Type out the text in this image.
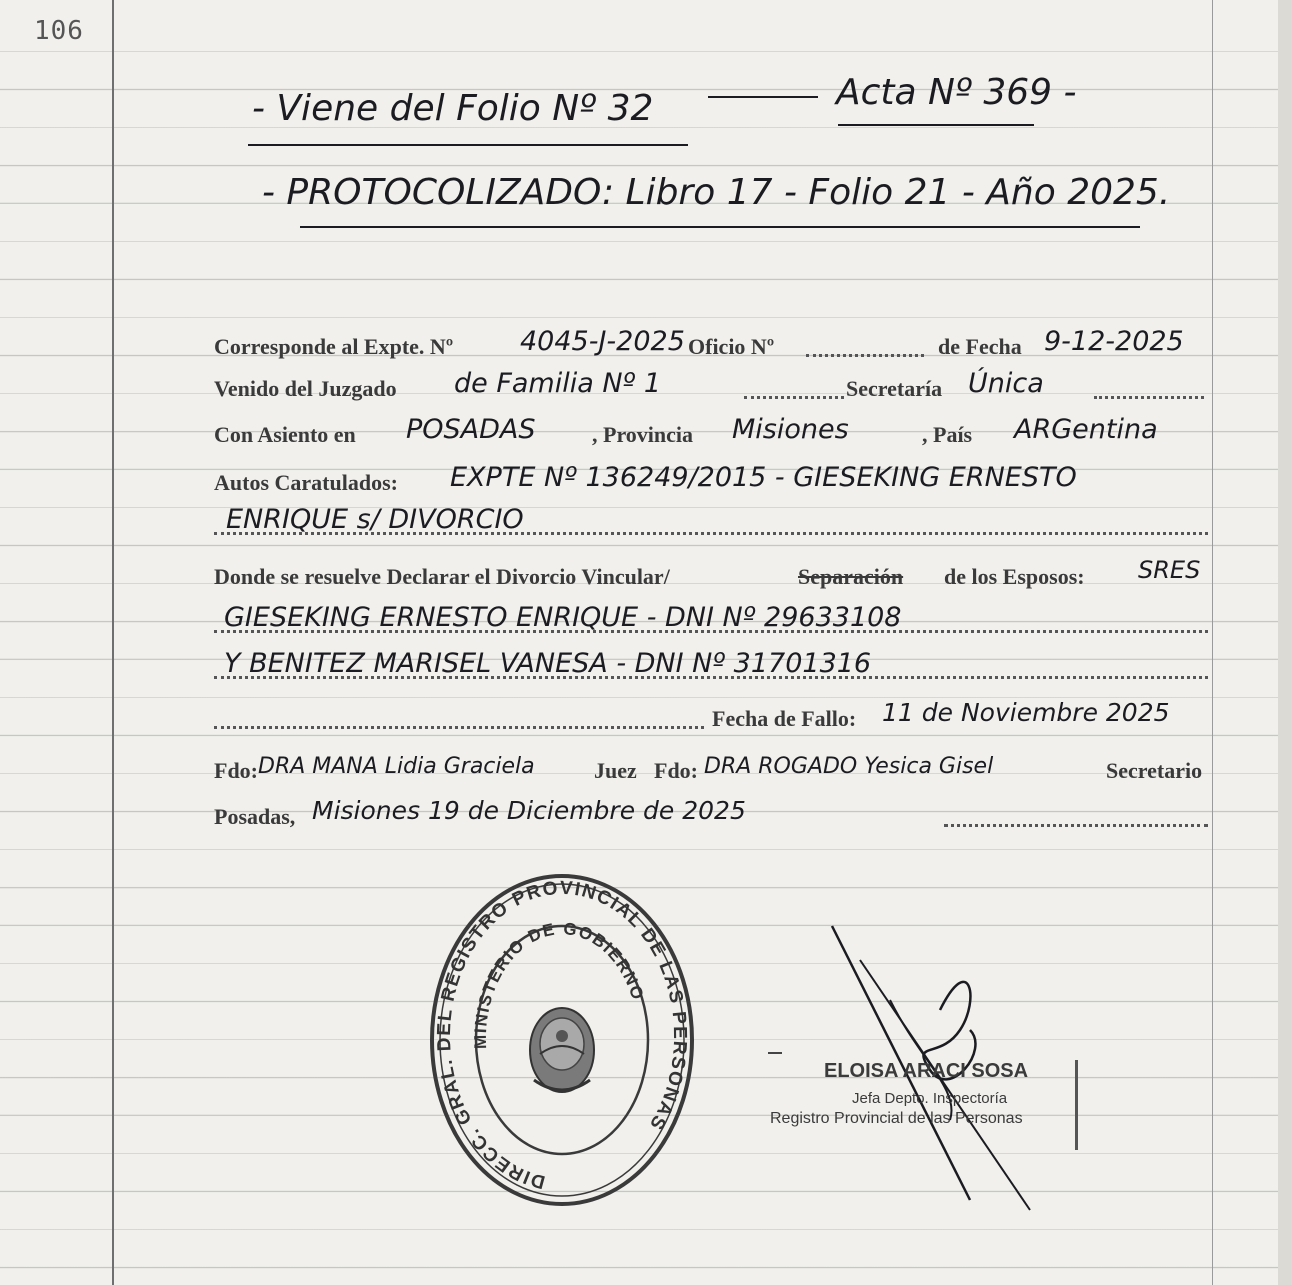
106
- Viene del Folio Nº 32	Acta Nº 369 -
- PROTOCOLIZADO: Libro 17 - Folio 21 - Año 2025.
Corresponde al Expte. Nº 4045-J-2025 Oficio Nº	de Fecha 9-12-2025
Venido del Juzgado de Familia Nº 1	Secretaría Única
Con Asiento en POSADAS	, Provincia Misiones	, País ARGentina
Autos Caratulados: EXPTE Nº 136249/2015 - GIESEKING ERNESTO
ENRIQUE s/ DIVORCIO
Donde se resuelve Declarar el Divorcio Vincular/	Separación de los Esposos: SRES
GIESEKING ERNESTO ENRIQUE - DNI Nº 29633108
Y BENITEZ MARISEL VANESA - DNI Nº 31701316
Fecha de Fallo: 11 de Noviembre 2025
Fdo: DRA MANA Lidia Graciela	Juez Fdo: DRA ROGADO Yesica Gisel	Secretario
Posadas, Misiones 19 de Diciembre de 2025
DIRECC. GRAL. DEL REGISTRO PROVINCIAL DE LAS PERSONAS
MINISTERIO DE GOBIERNO
ELOISA ARACI SOSA
Jefa Depto. Inspectoría
Registro Provincial de las Personas
